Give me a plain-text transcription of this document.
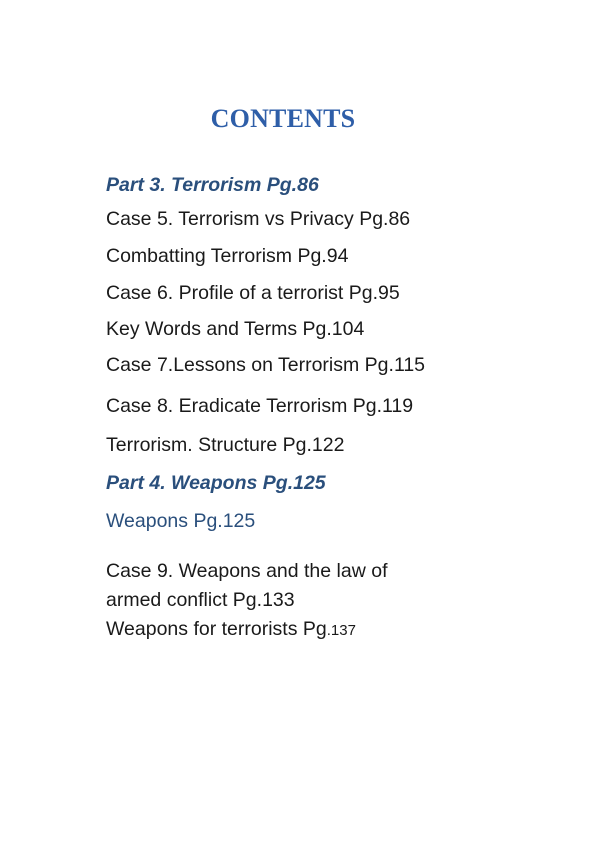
CONTENTS
Part 3. Terrorism Pg.86
Case 5. Terrorism vs Privacy Pg.86
Combatting Terrorism Pg.94
Case 6. Profile of a terrorist Pg.95
Key Words and Terms Pg.104
Case 7.Lessons on Terrorism Pg.115
Case 8. Eradicate Terrorism Pg.119
Terrorism. Structure Pg.122
Part 4. Weapons Pg.125
Weapons Pg.125
Case 9. Weapons and the law of
armed conflict Pg.133
Weapons for terrorists Pg.137
